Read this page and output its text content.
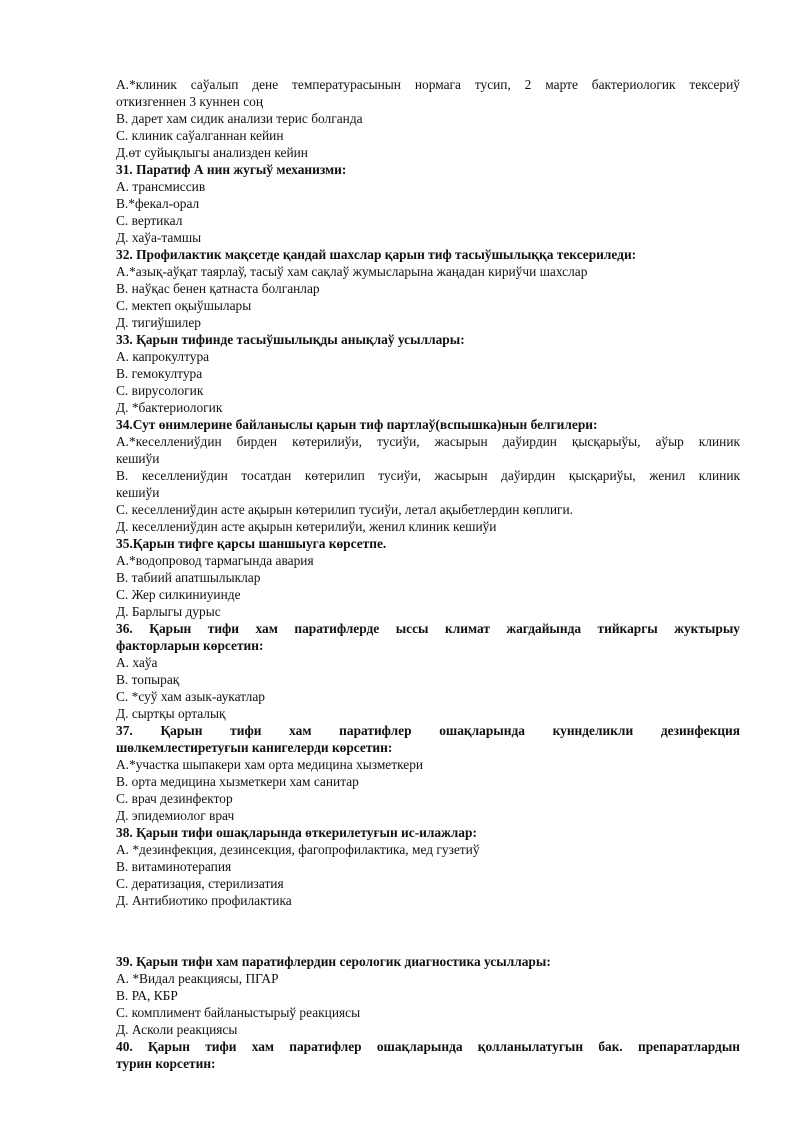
A.*клиник саўалып дене температурасынын нормага тусип, 2 марте бактериологик тексериў

откизгеннен 3 куннен соң

B. дарет хам сидик анализи терис болганда

C. клиник саўалганнан кейин

Д.өт суйықлыгы анализден кейин

31. Паратиф А нин жугыў механизми:

A. трансмиссив

B.*фекал-орал

C. вертикал

Д. хаўа-тамшы

32. Профилактик мақсетде қандай шахслар қарын тиф тасыўшылыққа тексериледи:

A.*азық-аўқат таярлаў, тасыў хам сақлаў жумысларына жаңадан кириўчи шахслар

B. наўқас бенен қатнаста болганлар

C. мектеп оқыўшылары

Д. тигиўшилер

33. Қарын тифинде тасыўшылықды анықлаў усыллары:

A. капрокултура

B. гемокултура

C. вирусологик

Д. *бактериологик

34.Сут өнимлерине байланыслы қарын тиф партлаў(вспышка)нын белгилери:

A.*кеселлениўдин бирден көтерилиўи, тусиўи, жасырын даўирдин қысқарыўы, аўыр клиник

кешиўи

B. кеселлениўдин тосатдан көтерилип тусиўи, жасырын даўирдин қысқариўы, женил клиник

кешиўи

C. кеселлениўдин асте ақырын көтерилип тусиўи, летал ақыбетлердин көплиги.

Д. кеселлениўдин асте ақырын көтерилиўи, женил клиник кешиўи

35.Қарын тифге қарсы шаншыуга көрсетпе.

A.*водопровод тармагында авария

B. табиий апатшылыклар

C. Жер силкиниуинде

Д. Барлыгы дурыс

36. Қарын тифи хам паратифлерде ыссы климат жагдайында тийкаргы жуктырыу

факторларын көрсетин:

A. хаўа

B. топырақ

C. *суў хам азык-аукатлар

Д. сыртқы орталық

37. Қарын тифи хам паратифлер ошақларында куннделикли дезинфекция

шөлкемлестиретуғын канигелерди көрсетин:

A.*участка шыпакери хам орта медицина хызметкери

B. орта медицина хызметкери хам санитар

C. врач дезинфектор

Д. эпидемиолог врач

38. Қарын тифи ошақларында өткерилетуғын ис-илажлар:

A. *дезинфекция, дезинсекция, фагопрофилактика, мед гузетиў

B. витаминотерапия

C. дератизация, стерилизатия

Д. Антибиотико профилактика

39. Қарын тифи хам паратифлердин серологик диагностика усыллары:

A. *Видал реакциясы, ПГАР

B. РА, КБР

C. комплимент байланыстырыў реакциясы

Д. Асколи реакциясы

40. Қарын тифи хам паратифлер ошақларында қолланылатугын бак. препаратлардын

турин корсетин:
